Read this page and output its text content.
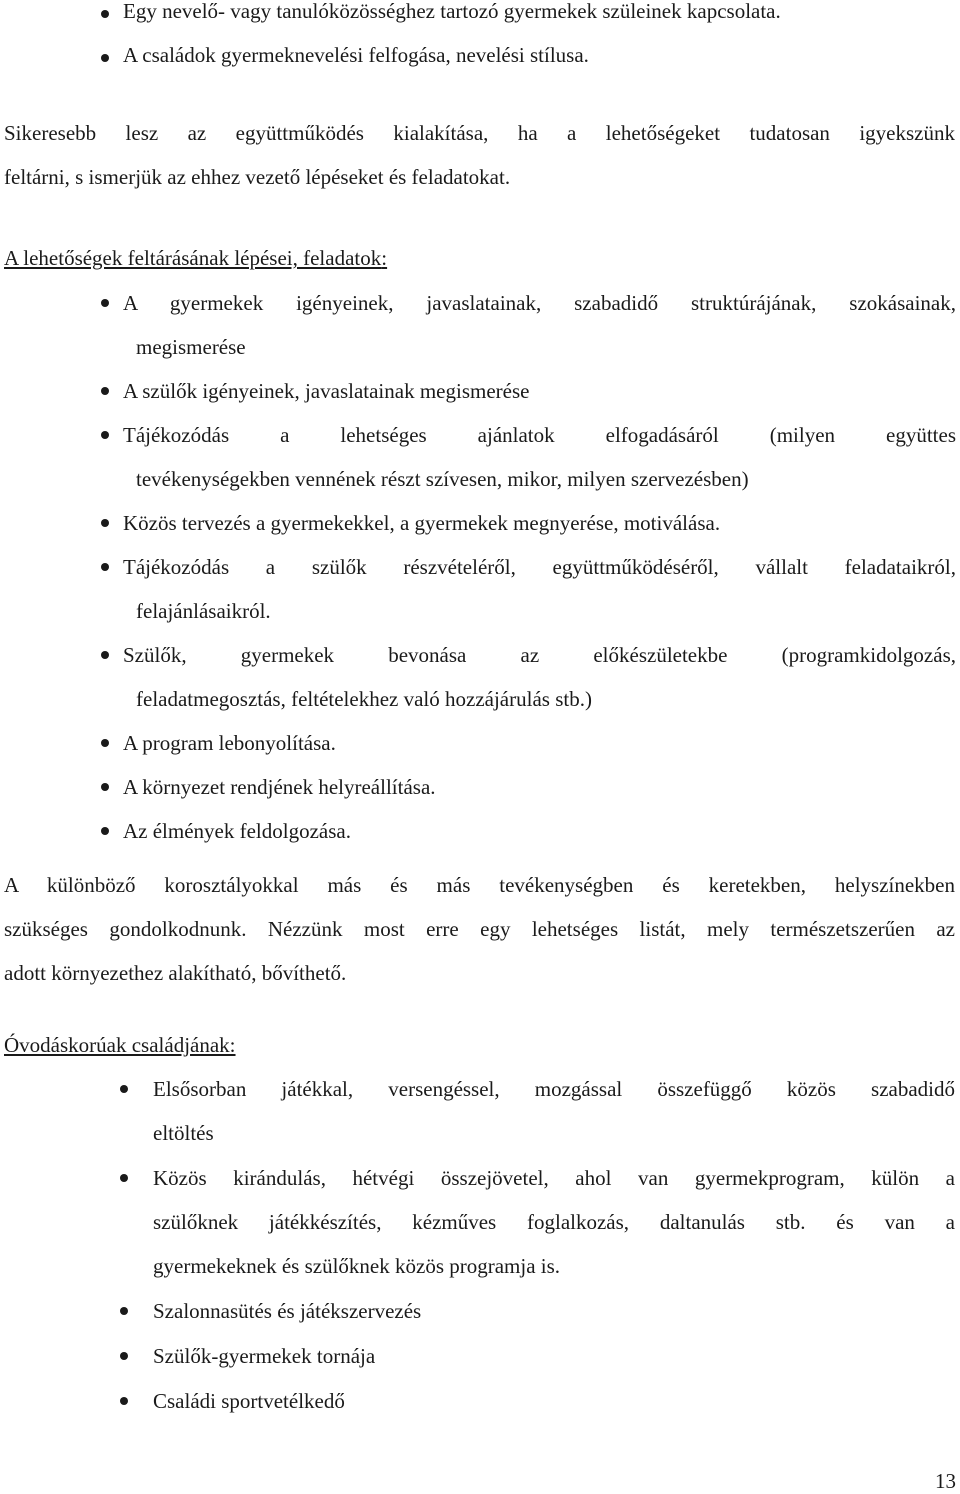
Egy nevelő- vagy tanulóközösséghez tartozó gyermekek szüleinek kapcsolata.
A családok gyermeknevelési felfogása, nevelési stílusa.

Sikeresebb lesz az együttműködés kialakítása, ha a lehetőségeket tudatosan igyekszünk
feltárni, s ismerjük az ehhez vezető lépéseket és feladatokat.

A lehetőségek feltárásának lépései, feladatok:
A gyermekek igényeinek, javaslatainak, szabadidő struktúrájának, szokásainak,
megismerése
A szülők igényeinek, javaslatainak megismerése
Tájékozódás a lehetséges ajánlatok elfogadásáról (milyen együttes
tevékenységekben vennének részt szívesen, mikor, milyen szervezésben)
Közös tervezés a gyermekekkel, a gyermekek megnyerése, motiválása.
Tájékozódás a szülők részvételéről, együttműködéséről, vállalt feladataikról,
felajánlásaikról.
Szülők, gyermekek bevonása az előkészületekbe (programkidolgozás,
feladatmegosztás, feltételekhez való hozzájárulás stb.)
A program lebonyolítása.
A környezet rendjének helyreállítása.
Az élmények feldolgozása.

A különböző korosztályokkal más és más tevékenységben és keretekben, helyszínekben
szükséges gondolkodnunk. Nézzünk most erre egy lehetséges listát, mely természetszerűen az
adott környezethez alakítható, bővíthető.

Óvodáskorúak családjának:
Elsősorban játékkal, versengéssel, mozgással összefüggő közös szabadidő
eltöltés
Közös kirándulás, hétvégi összejövetel, ahol van gyermekprogram, külön a
szülőknek játékkészítés, kézműves foglalkozás, daltanulás stb. és van a
gyermekeknek és szülőknek közös programja is.
Szalonnasütés és játékszervezés
Szülők-gyermekek tornája
Családi sportvetélkedő
13
